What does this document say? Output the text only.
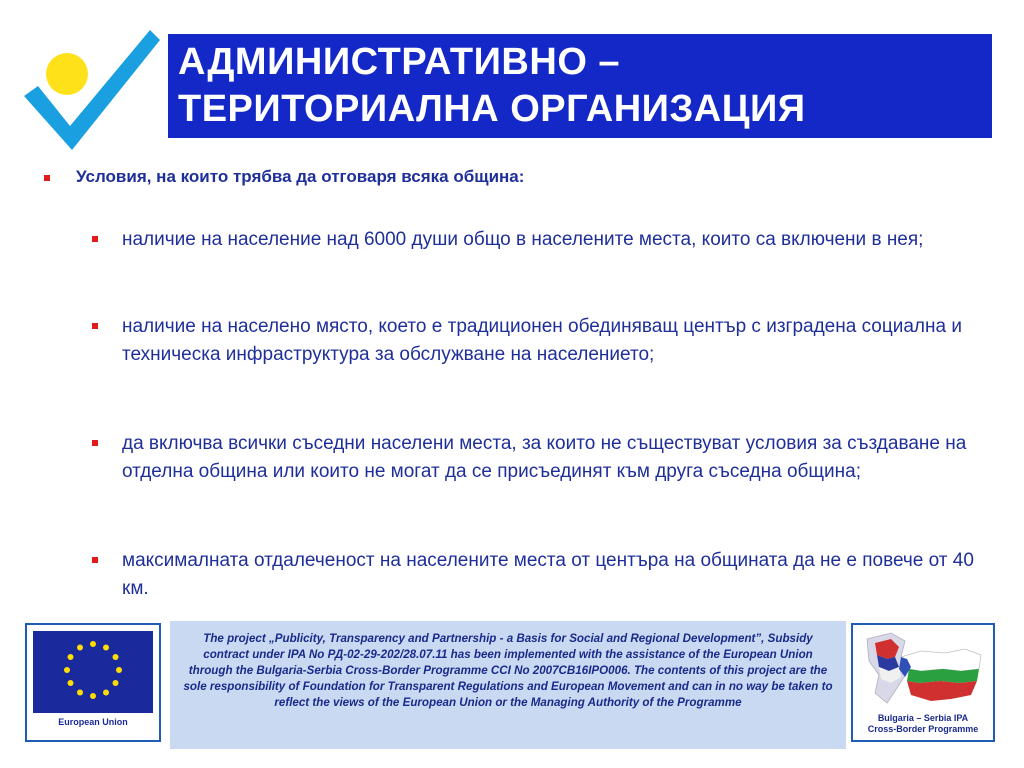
АДМИНИСТРАТИВНО –
ТЕРИТОРИАЛНА ОРГАНИЗАЦИЯ
Условия, на които трябва да отговаря всяка община:
наличие на население над 6000 души общо в населените места, които са включени в нея;
наличие на населено място, което е традиционен обединяващ център с изградена социална и техническа инфраструктура за обслужване на населението;
да включва всички съседни населени места, за които не съществуват условия за създаване на отделна община или които не могат да се присъединят към друга съседна община;
максималната отдалеченост на населените места от центъра на общината да не е повече от 40 км.
European Union
The project „Publicity, Transparency and Partnership - a Basis for Social and Regional Development”, Subsidy contract under IPA No РД-02-29-202/28.07.11 has been implemented with the assistance of the European Union through the Bulgaria-Serbia Cross-Border Programme CCI No 2007CB16IPO006. The contents of this project are the sole responsibility of Foundation for Transparent Regulations and European Movement and can in no way be taken to reflect the views of the European Union or the Managing Authority of the Programme
Bulgaria – Serbia IPA
Cross-Border Programme
